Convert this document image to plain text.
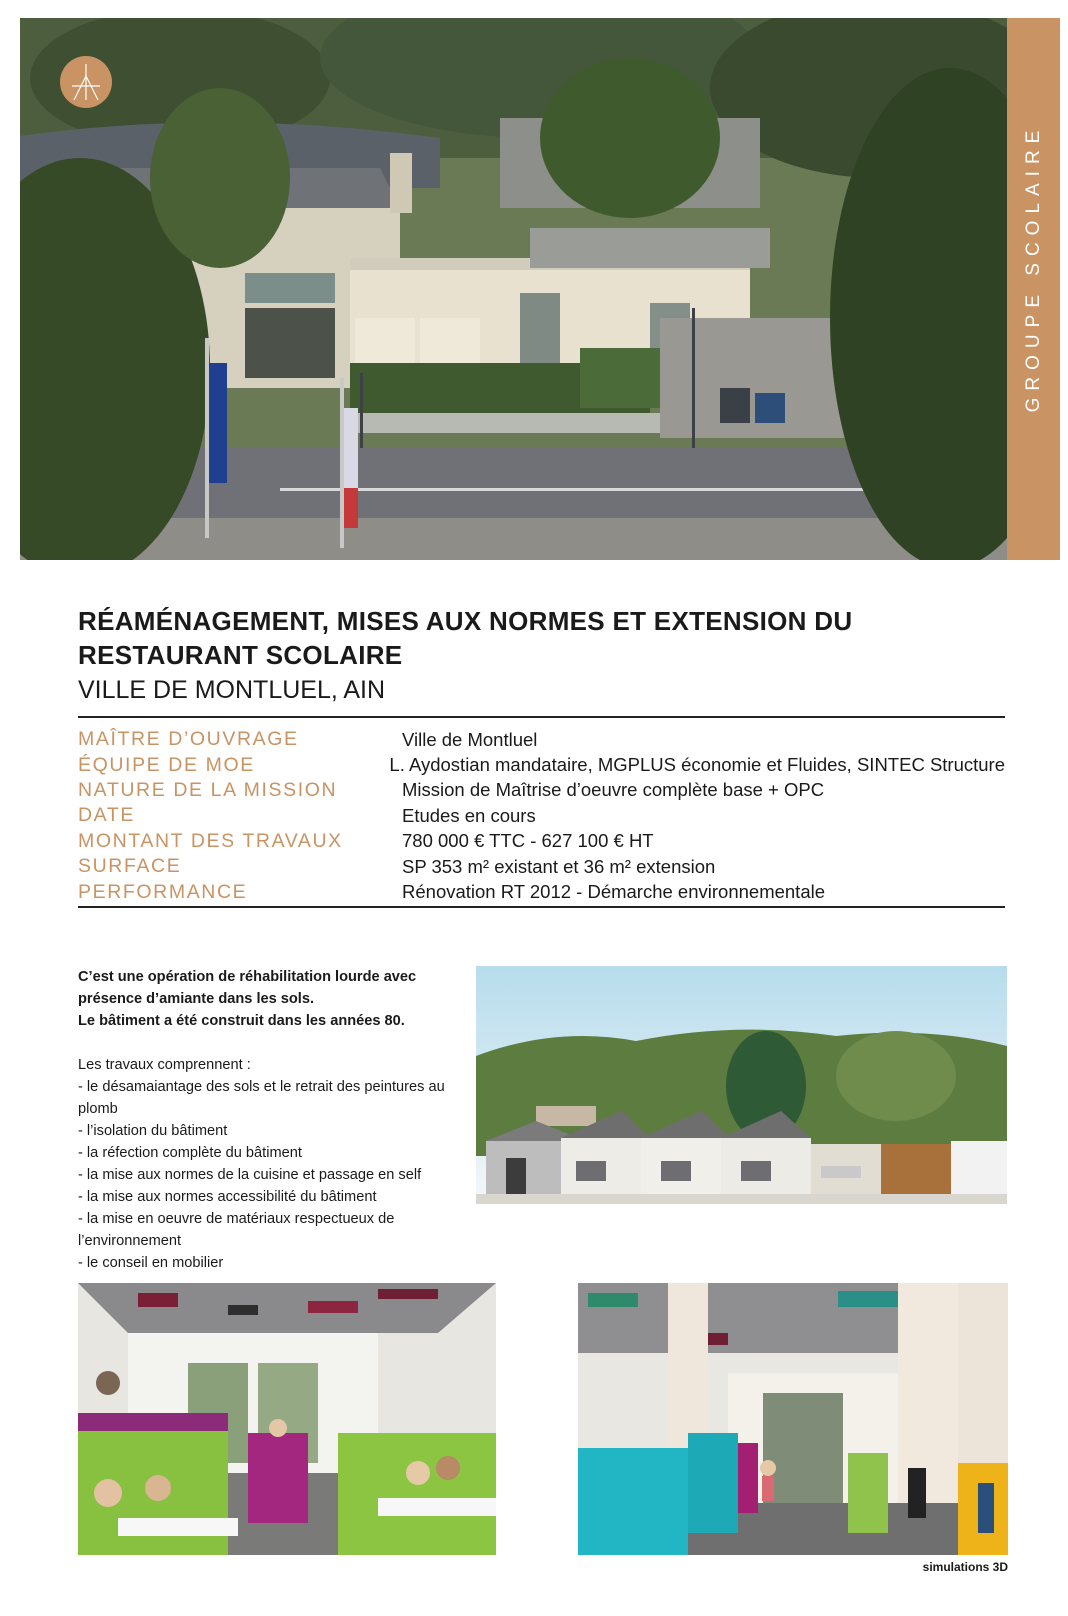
GROUPE SCOLAIRE
RÉAMÉNAGEMENT, MISES AUX NORMES ET EXTENSION DU RESTAURANT SCOLAIRE
VILLE DE MONTLUEL, AIN
MAÎTRE D’OUVRAGE	Ville de Montluel
ÉQUIPE DE MOE	L. Aydostian mandataire, MGPLUS économie et Fluides, SINTEC Structure
NATURE DE LA MISSION	Mission de Maîtrise d’oeuvre complète base + OPC
DATE	Etudes en cours
MONTANT DES TRAVAUX	780 000 € TTC - 627 100 € HT
SURFACE	SP 353 m² existant et 36 m² extension
PERFORMANCE	Rénovation RT 2012 - Démarche environnementale

C’est une opération de réhabilitation lourde avec présence d’amiante dans les sols.
Le bâtiment a été construit dans les années 80.

Les travaux comprennent :

- le désamaiantage des sols et le retrait des peintures au plomb
- l’isolation du bâtiment
- la réfection complète du bâtiment
- la mise aux normes de la cuisine et passage en self
- la mise aux normes accessibilité du bâtiment
- la mise en oeuvre de matériaux respectueux de l’environnement
- le conseil en mobilier
simulations 3D
